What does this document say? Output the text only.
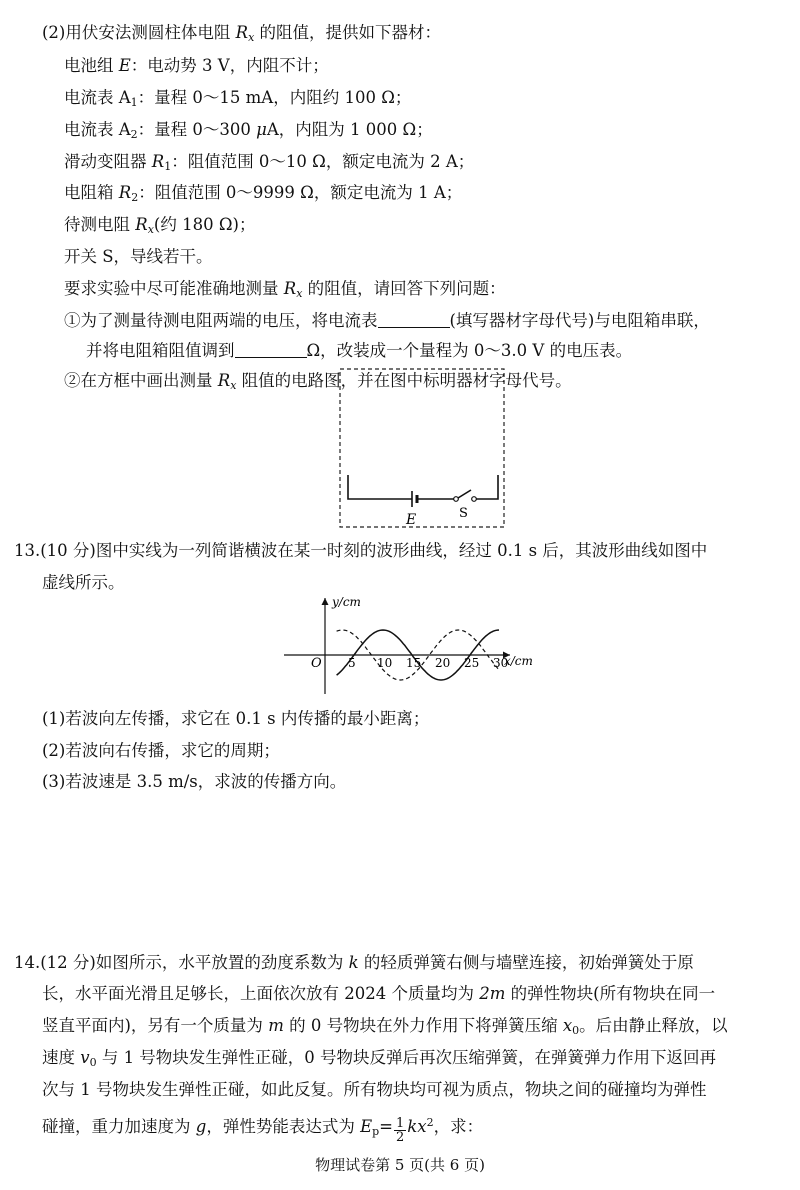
(2)用伏安法测圆柱体电阻 $R_x$ 的阻值，提供如下器材：
电池组 E：电动势 3 V，内阻不计；
电流表 $A_1$：量程 0～15 mA，内阻约 100 Ω；
电流表 $A_2$：量程 0～300 μA，内阻为 1 000 Ω；
滑动变阻器 $R_1$：阻值范围 0～10 Ω，额定电流为 2 A；
电阻箱 $R_2$：阻值范围 0～9999 Ω，额定电流为 1 A；
待测电阻 $R_x$(约 180 Ω)；
开关 S，导线若干。
要求实验中尽可能准确地测量 $R_x$ 的阻值，请回答下列问题：
①为了测量待测电阻两端的电压，将电流表	(填写器材字母代号)与电阻箱串联，
并将电阻箱阻值调到	Ω，改装成一个量程为 0～3.0 V 的电压表。
②在方框中画出测量 $R_x$ 阻值的电路图，并在图中标明器材字母代号。
E	S
13.(10 分)图中实线为一列简谐横波在某一时刻的波形曲线，经过 0.1 s 后，其波形曲线如图中
虚线所示。
y/cm
x/cm
O 5 10 15 20 25 30
(1)若波向左传播，求它在 0.1 s 内传播的最小距离；
(2)若波向右传播，求它的周期；
(3)若波速是 3.5 m/s，求波的传播方向。
14.(12 分)如图所示，水平放置的劲度系数为 k 的轻质弹簧右侧与墙壁连接，初始弹簧处于原
长，水平面光滑且足够长，上面依次放有 2024 个质量均为 2m 的弹性物块(所有物块在同一
竖直平面内)，另有一个质量为 m 的 0 号物块在外力作用下将弹簧压缩 $x_0$。后由静止释放，以
速度 $v_0$ 与 1 号物块发生弹性正碰，0 号物块反弹后再次压缩弹簧，在弹簧弹力作用下返回再
次与 1 号物块发生弹性正碰，如此反复。所有物块均可视为质点，物块之间的碰撞均为弹性
碰撞，重力加速度为 g，弹性势能表达式为 $E_p= \frac{1}{2} kx^2$，求：
物理试卷第 5 页(共 6 页)
